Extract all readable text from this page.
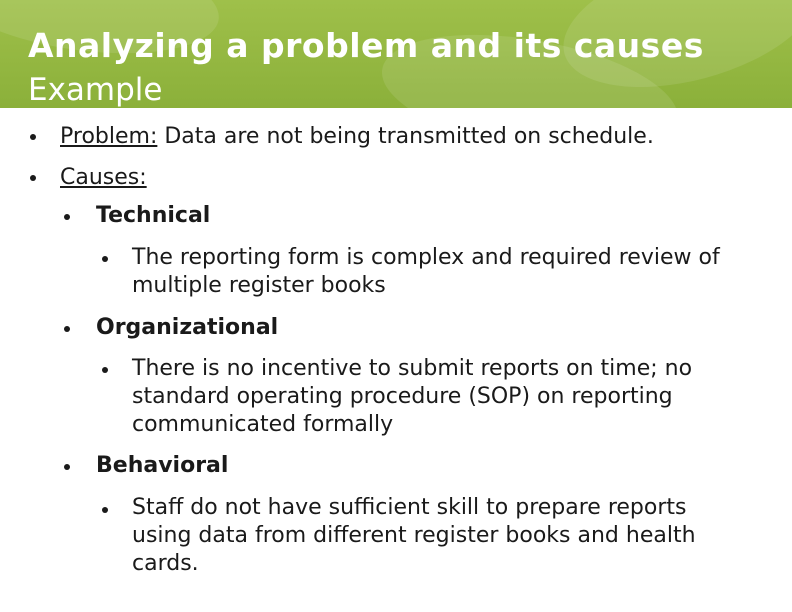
Analyzing a problem and its causes
Example
Problem: Data are not being transmitted on schedule.
Causes:
Technical
The reporting form is complex and required review of
multiple register books
Organizational
There is no incentive to submit reports on time; no
standard operating procedure (SOP) on reporting
communicated formally
Behavioral
Staff do not have sufficient skill to prepare reports
using data from different register books and health
cards.
